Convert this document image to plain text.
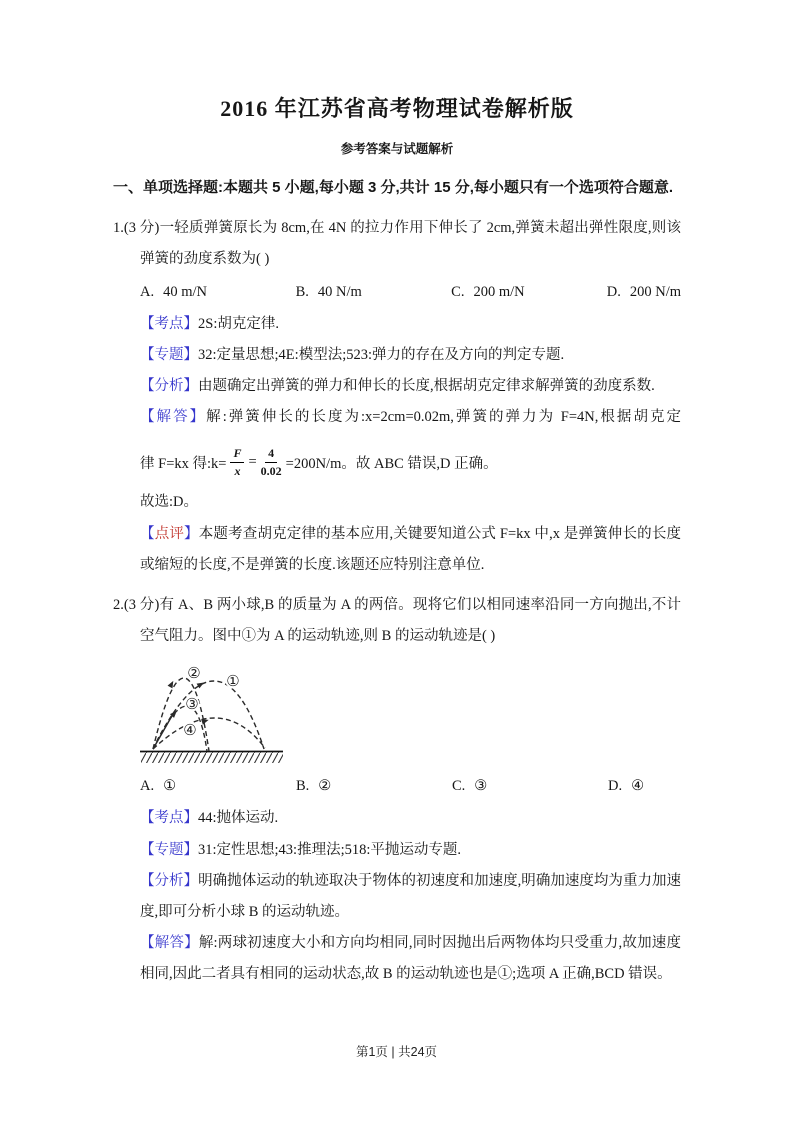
2016 年江苏省高考物理试卷解析版
参考答案与试题解析

一、单项选择题:本题共 5 小题,每小题 3 分,共计 15 分,每小题只有一个选项符合题意.

1.(3 分)一轻质弹簧原长为 8cm,在 4N 的拉力作用下伸长了 2cm,弹簧未超出弹性限度,则该弹簧的劲度系数为( )

A. 40 m/N	B. 40 N/m	C. 200 m/N	D. 200 N/m

【考点】2S:胡克定律.

【专题】32:定量思想;4E:模型法;523:弹力的存在及方向的判定专题.

【分析】由题确定出弹簧的弹力和伸长的长度,根据胡克定律求解弹簧的劲度系数.

【解答】解:弹簧伸长的长度为:x=2cm=0.02m,弹簧的弹力为 F=4N,根据胡克定

律 F=kx 得:k= $\frac{F}{x} = \frac{4}{0.02} =200N/m$。故 ABC 错误,D 正确。

故选:D。

【点评】本题考查胡克定律的基本应用,关键要知道公式 F=kx 中,x 是弹簧伸长的长度或缩短的长度,不是弹簧的长度.该题还应特别注意单位.

2.(3 分)有 A、B 两小球,B 的质量为 A 的两倍。现将它们以相同速率沿同一方向抛出,不计空气阻力。图中①为 A 的运动轨迹,则 B 的运动轨迹是( )

② ①
③
④
A. ①	B. ②	C. ③	D. ④

【考点】44:抛体运动.

【专题】31:定性思想;43:推理法;518:平抛运动专题.

【分析】明确抛体运动的轨迹取决于物体的初速度和加速度,明确加速度均为重力加速度,即可分析小球 B 的运动轨迹。

【解答】解:两球初速度大小和方向均相同,同时因抛出后两物体均只受重力,故加速度相同,因此二者具有相同的运动状态,故 B 的运动轨迹也是①;选项 A 正确,BCD 错误。

第1页 | 共24页
